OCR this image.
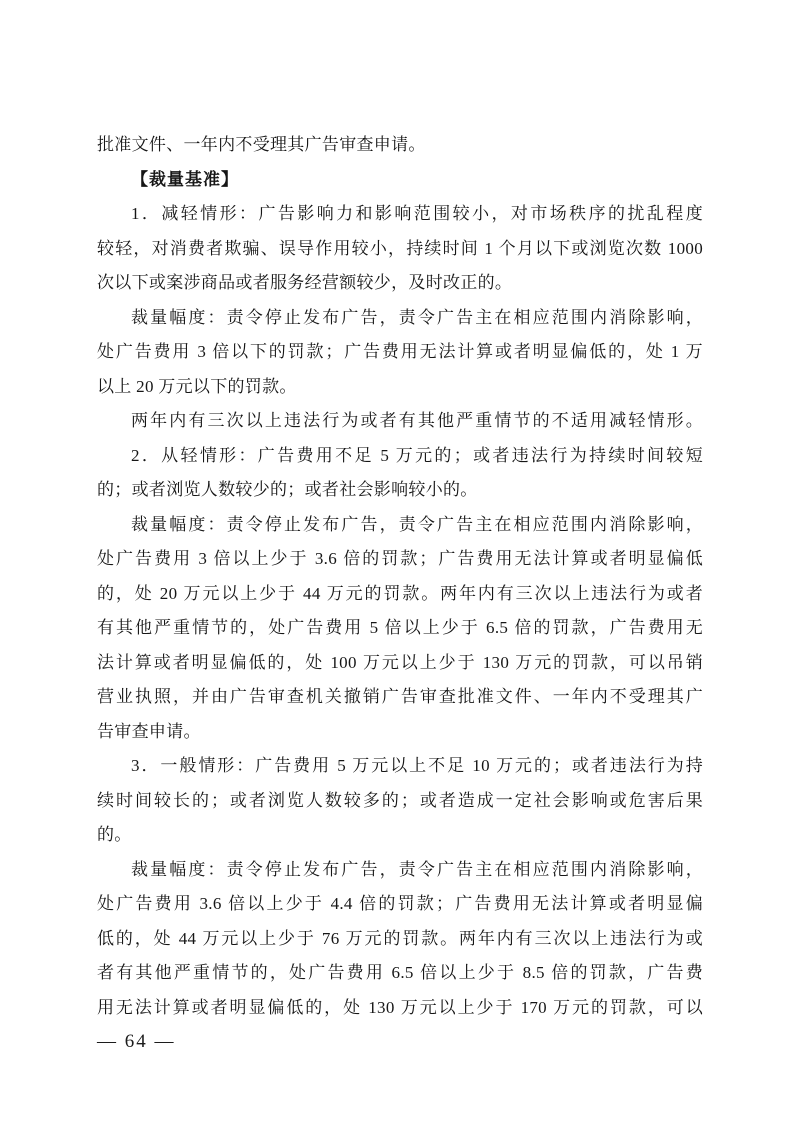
批准文件、一年内不受理其广告审查申请。
【裁量基准】
1．减轻情形：广告影响力和影响范围较小，对市场秩序的扰乱程度
较轻，对消费者欺骗、误导作用较小，持续时间 1 个月以下或浏览次数 1000
次以下或案涉商品或者服务经营额较少，及时改正的。
裁量幅度：责令停止发布广告，责令广告主在相应范围内消除影响，
处广告费用 3 倍以下的罚款；广告费用无法计算或者明显偏低的，处 1 万
以上 20 万元以下的罚款。
两年内有三次以上违法行为或者有其他严重情节的不适用减轻情形。
2．从轻情形：广告费用不足 5 万元的；或者违法行为持续时间较短
的；或者浏览人数较少的；或者社会影响较小的。
裁量幅度：责令停止发布广告，责令广告主在相应范围内消除影响，
处广告费用 3 倍以上少于 3.6 倍的罚款；广告费用无法计算或者明显偏低
的，处 20 万元以上少于 44 万元的罚款。两年内有三次以上违法行为或者
有其他严重情节的，处广告费用 5 倍以上少于 6.5 倍的罚款，广告费用无
法计算或者明显偏低的，处 100 万元以上少于 130 万元的罚款，可以吊销
营业执照，并由广告审查机关撤销广告审查批准文件、一年内不受理其广
告审查申请。
3．一般情形：广告费用 5 万元以上不足 10 万元的；或者违法行为持
续时间较长的；或者浏览人数较多的；或者造成一定社会影响或危害后果
的。
裁量幅度：责令停止发布广告，责令广告主在相应范围内消除影响，
处广告费用 3.6 倍以上少于 4.4 倍的罚款；广告费用无法计算或者明显偏
低的，处 44 万元以上少于 76 万元的罚款。两年内有三次以上违法行为或
者有其他严重情节的，处广告费用 6.5 倍以上少于 8.5 倍的罚款，广告费
用无法计算或者明显偏低的，处 130 万元以上少于 170 万元的罚款，可以
— 64 —
